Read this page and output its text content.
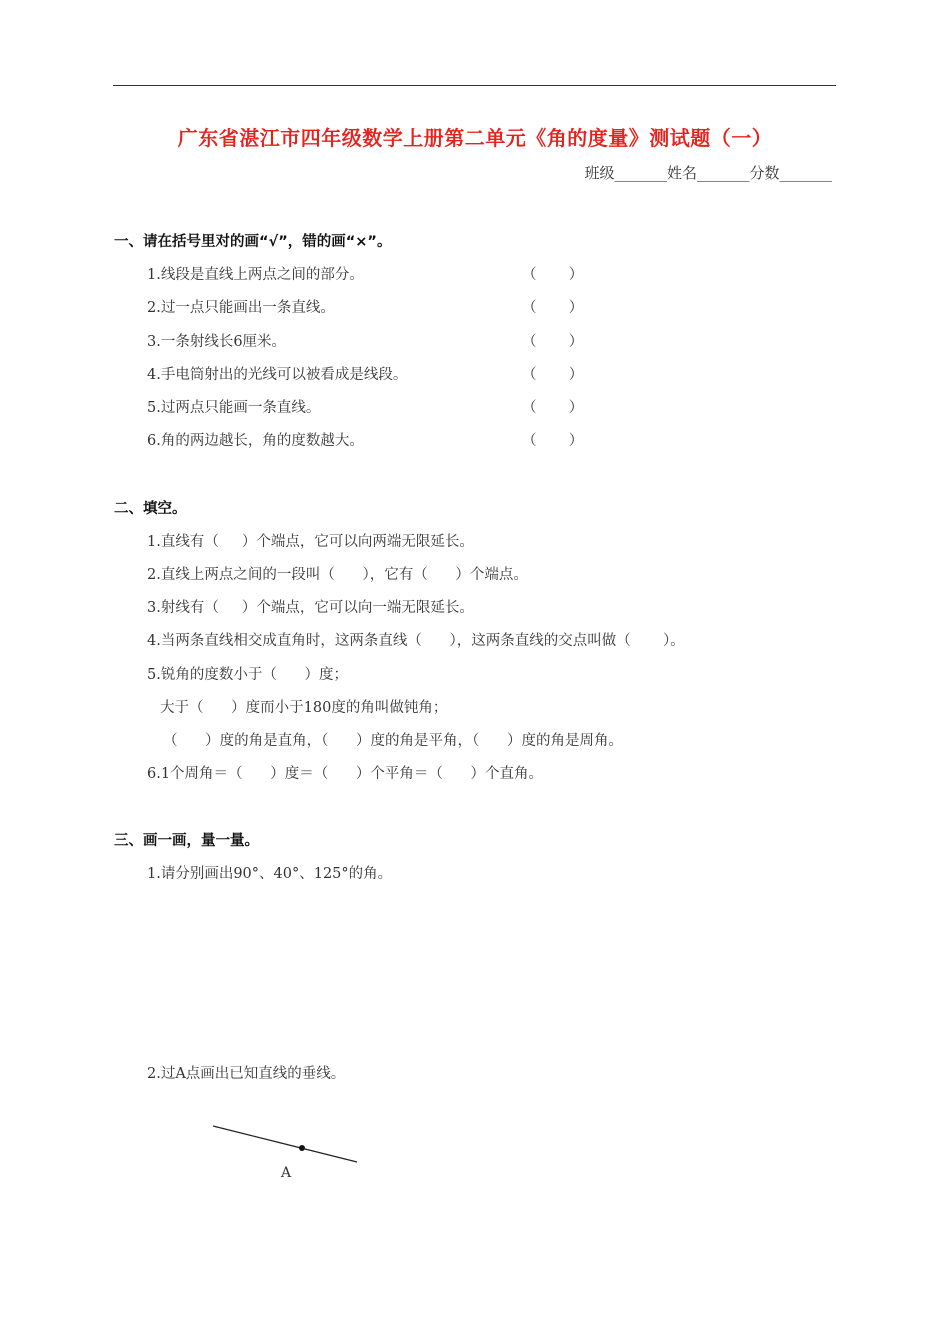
广东省湛江市四年级数学上册第二单元《角的度量》测试题（一）
班级_______姓名_______分数_______
一、请在括号里对的画“√”，错的画“×”。
1.线段是直线上两点之间的部分。
2.过一点只能画出一条直线。
3.一条射线长6厘米。
4.手电筒射出的光线可以被看成是线段。
5.过两点只能画一条直线。
6.角的两边越长，角的度数越大。
（       ）
（       ）
（       ）
（       ）
（       ）
（       ）
二、填空。
1.直线有（     ）个端点，它可以向两端无限延长。
2.直线上两点之间的一段叫（      ），它有（      ）个端点。
3.射线有（     ）个端点，它可以向一端无限延长。
4.当两条直线相交成直角时，这两条直线（      ），这两条直线的交点叫做（       ）。
5.锐角的度数小于（      ）度；
大于（      ）度而小于180度的角叫做钝角；
（      ）度的角是直角，（      ）度的角是平角，（      ）度的角是周角。
6.1个周角＝（      ）度＝（      ）个平角＝（      ）个直角。
三、画一画，量一量。
1.请分别画出90°、40°、125°的角。
2.过A点画出已知直线的垂线。
A
